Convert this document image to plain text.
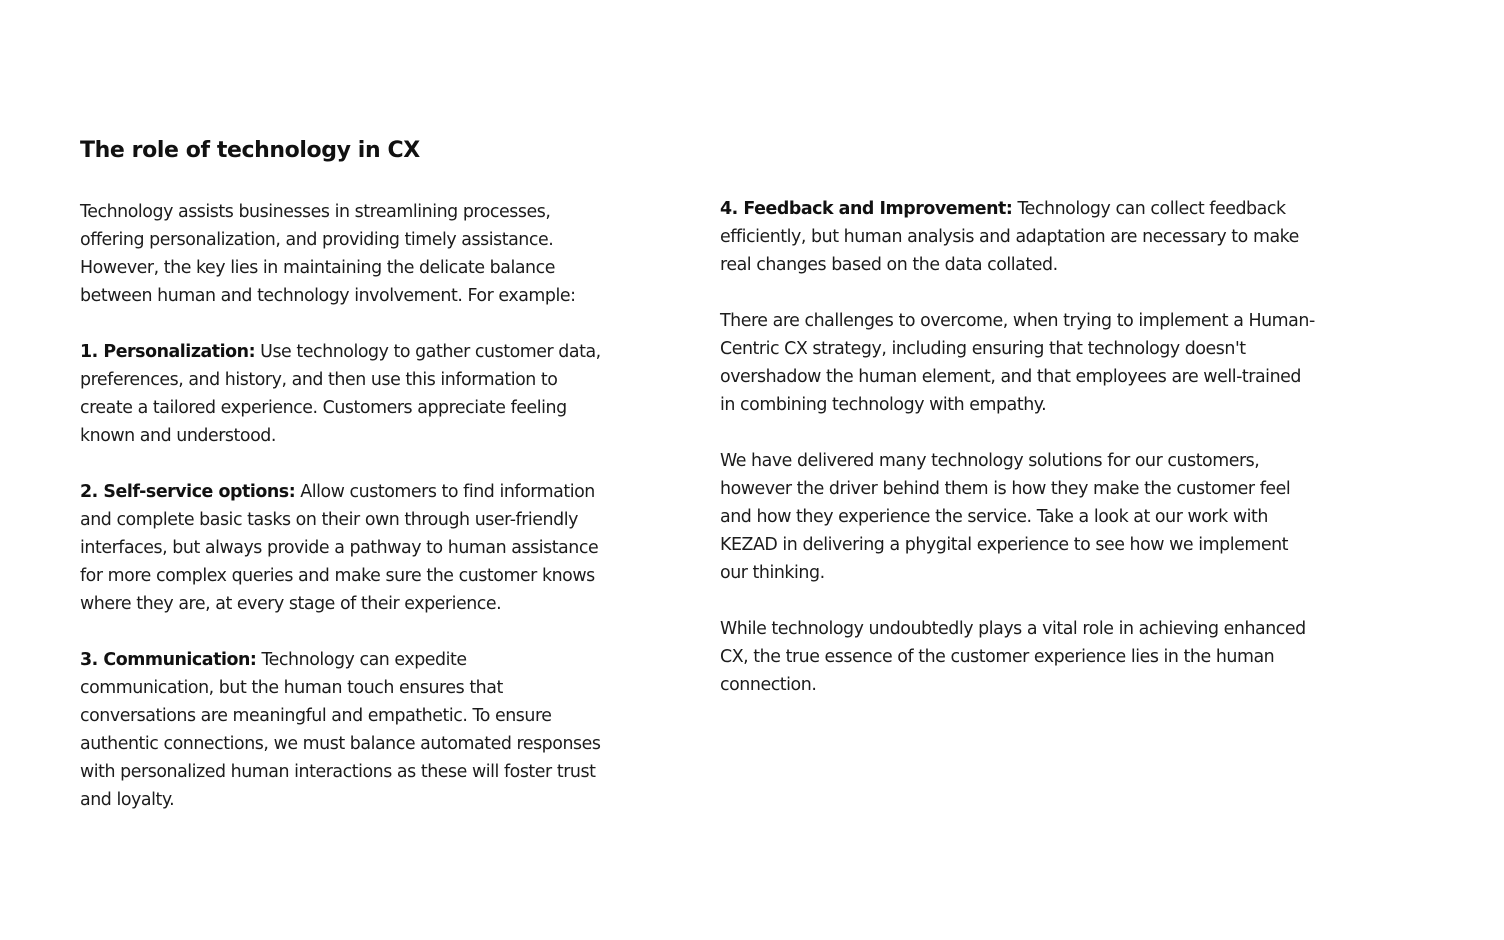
The role of technology in CX

Technology assists businesses in streamlining processes, offering personalization, and providing timely assistance. However, the key lies in maintaining the delicate balance between human and technology involvement. For example:

1. Personalization: Use technology to gather customer data, preferences, and history, and then use this information to create a tailored experience. Customers appreciate feeling known and understood.

2. Self-service options: Allow customers to find information and complete basic tasks on their own through user-friendly interfaces, but always provide a pathway to human assistance for more complex queries and make sure the customer knows where they are, at every stage of their experience.

3. Communication: Technology can expedite communication, but the human touch ensures that conversations are meaningful and empathetic. To ensure authentic connections, we must balance automated responses with personalized human interactions as these will foster trust and loyalty.

4. Feedback and Improvement: Technology can collect feedback efficiently, but human analysis and adaptation are necessary to make real changes based on the data collated.

There are challenges to overcome, when trying to implement a Human-Centric CX strategy, including ensuring that technology doesn't overshadow the human element, and that employees are well-trained in combining technology with empathy.

We have delivered many technology solutions for our customers, however the driver behind them is how they make the customer feel and how they experience the service. Take a look at our work with KEZAD in delivering a phygital experience to see how we implement our thinking.

While technology undoubtedly plays a vital role in achieving enhanced CX, the true essence of the customer experience lies in the human connection.
